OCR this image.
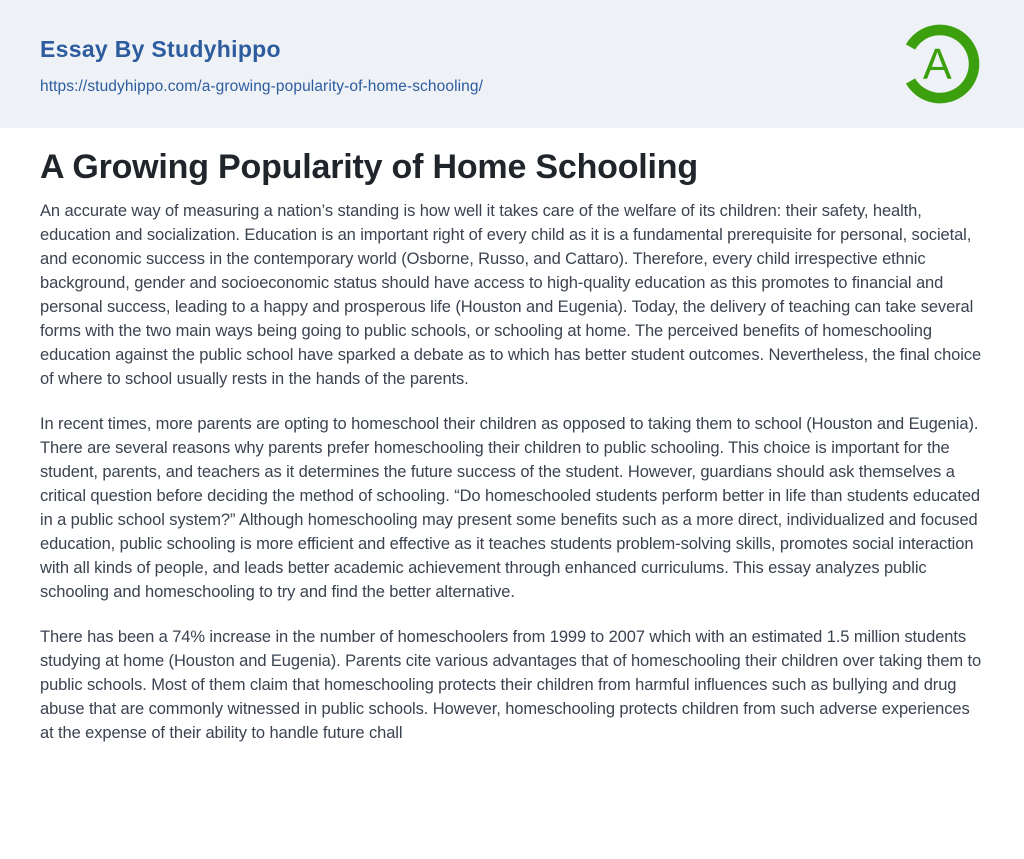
Essay By Studyhippo
https://studyhippo.com/a-growing-popularity-of-home-schooling/	A
A Growing Popularity of Home Schooling

An accurate way of measuring a nation’s standing is how well it takes care of the welfare of its children: their safety, health, education and socialization. Education is an important right of every child as it is a fundamental prerequisite for personal, societal, and economic success in the contemporary world (Osborne, Russo, and Cattaro). Therefore, every child irrespective ethnic background, gender and socioeconomic status should have access to high-quality education as this promotes to financial and personal success, leading to a happy and prosperous life (Houston and Eugenia). Today, the delivery of teaching can take several forms with the two main ways being going to public schools, or schooling at home. The perceived benefits of homeschooling education against the public school have sparked a debate as to which has better student outcomes. Nevertheless, the final choice of where to school usually rests in the hands of the parents.

In recent times, more parents are opting to homeschool their children as opposed to taking them to school (Houston and Eugenia). There are several reasons why parents prefer homeschooling their children to public schooling. This choice is important for the student, parents, and teachers as it determines the future success of the student. However, guardians should ask themselves a critical question before deciding the method of schooling. “Do homeschooled students perform better in life than students educated in a public school system?” Although homeschooling may present some benefits such as a more direct, individualized and focused education, public schooling is more efficient and effective as it teaches students problem-solving skills, promotes social interaction with all kinds of people, and leads better academic achievement through enhanced curriculums. This essay analyzes public schooling and homeschooling to try and find the better alternative.

There has been a 74% increase in the number of homeschoolers from 1999 to 2007 which with an estimated 1.5 million students studying at home (Houston and Eugenia). Parents cite various advantages that of homeschooling their children over taking them to public schools. Most of them claim that homeschooling protects their children from harmful influences such as bullying and drug abuse that are commonly witnessed in public schools. However, homeschooling protects children from such adverse experiences at the expense of their ability to handle future chall
